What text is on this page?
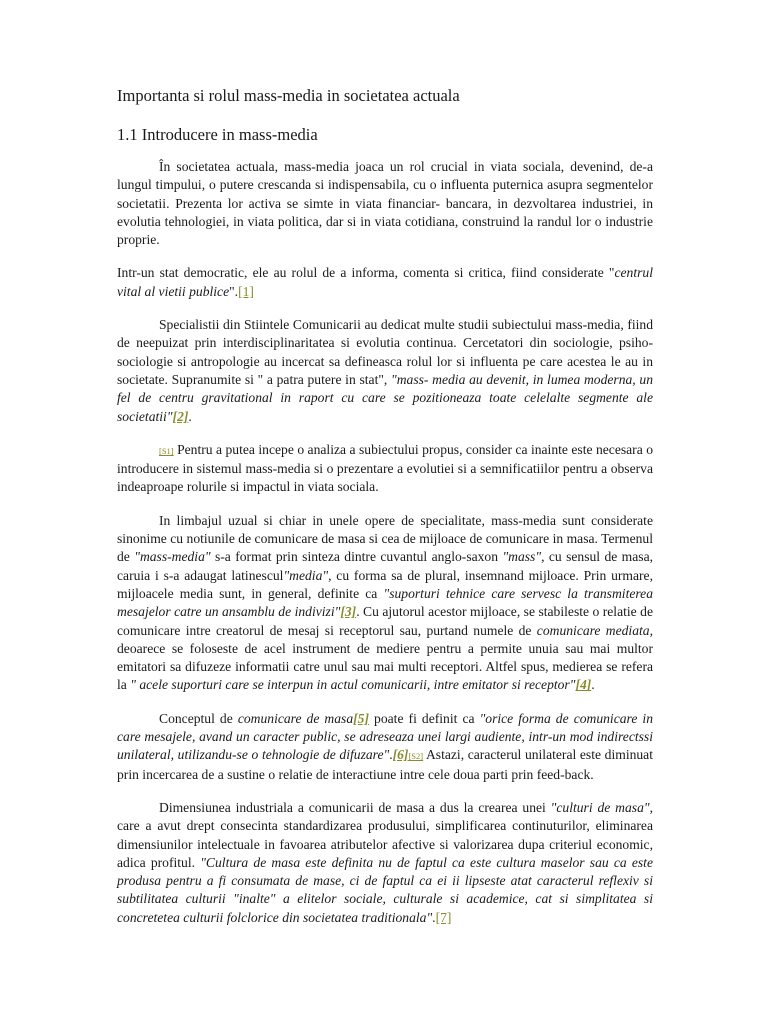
Importanta si rolul mass-media in societatea actuala
1.1 Introducere in mass-media

În societatea actuala, mass-media joaca un rol crucial in viata sociala, devenind, de-a lungul timpului, o putere crescanda si indispensabila, cu o influenta puternica asupra segmentelor societatii. Prezenta lor activa se simte in viata financiar- bancara, in dezvoltarea industriei, in evolutia tehnologiei, in viata politica, dar si in viata cotidiana, construind la randul lor o industrie proprie.

Intr-un stat democratic, ele au rolul de a informa, comenta si critica, fiind considerate "centrul vital al vietii publice".[1]

Specialistii din Stiintele Comunicarii au dedicat multe studii subiectului mass-media, fiind de neepuizat prin interdisciplinaritatea si evolutia continua. Cercetatori din sociologie, psiho-sociologie si antropologie au incercat sa defineasca rolul lor si influenta pe care acestea le au in societate. Supranumite si " a patra putere in stat", "mass- media au devenit, in lumea moderna, un fel de centru gravitational in raport cu care se pozitioneaza toate celelalte segmente ale societatii"[2].

[S1] Pentru a putea incepe o analiza a subiectului propus, consider ca inainte este necesara o introducere in sistemul mass-media si o prezentare a evolutiei si a semnificatiilor pentru a observa indeaproape rolurile si impactul in viata sociala.

In limbajul uzual si chiar in unele opere de specialitate, mass-media sunt considerate sinonime cu notiunile de comunicare de masa si cea de mijloace de comunicare in masa. Termenul de "mass-media" s-a format prin sinteza dintre cuvantul anglo-saxon "mass", cu sensul de masa, caruia i s-a adaugat latinescul"media", cu forma sa de plural, insemnand mijloace. Prin urmare, mijloacele media sunt, in general, definite ca "suporturi tehnice care servesc la transmiterea mesajelor catre un ansamblu de indivizi"[3]. Cu ajutorul acestor mijloace, se stabileste o relatie de comunicare intre creatorul de mesaj si receptorul sau, purtand numele de comunicare mediata, deoarece se foloseste de acel instrument de mediere pentru a permite unuia sau mai multor emitatori sa difuzeze informatii catre unul sau mai multi receptori. Altfel spus, medierea se refera la " acele suporturi care se interpun in actul comunicarii, intre emitator si receptor"[4].

Conceptul de comunicare de masa[5] poate fi definit ca "orice forma de comunicare in care mesajele, avand un caracter public, se adreseaza unei largi audiente, intr-un mod indirectssi unilateral, utilizandu-se o tehnologie de difuzare".[6][S2] Astazi, caracterul unilateral este diminuat prin incercarea de a sustine o relatie de interactiune intre cele doua parti prin feed-back.

Dimensiunea industriala a comunicarii de masa a dus la crearea unei "culturi de masa", care a avut drept consecinta standardizarea produsului, simplificarea continuturilor, eliminarea dimensiunilor intelectuale in favoarea atributelor afective si valorizarea dupa criteriul economic, adica profitul. "Cultura de masa este definita nu de faptul ca este cultura maselor sau ca este produsa pentru a fi consumata de mase, ci de faptul ca ei ii lipseste atat caracterul reflexiv si subtilitatea culturii "inalte" a elitelor sociale, culturale si academice, cat si simplitatea si concretetea culturii folclorice din societatea traditionala".[7]
